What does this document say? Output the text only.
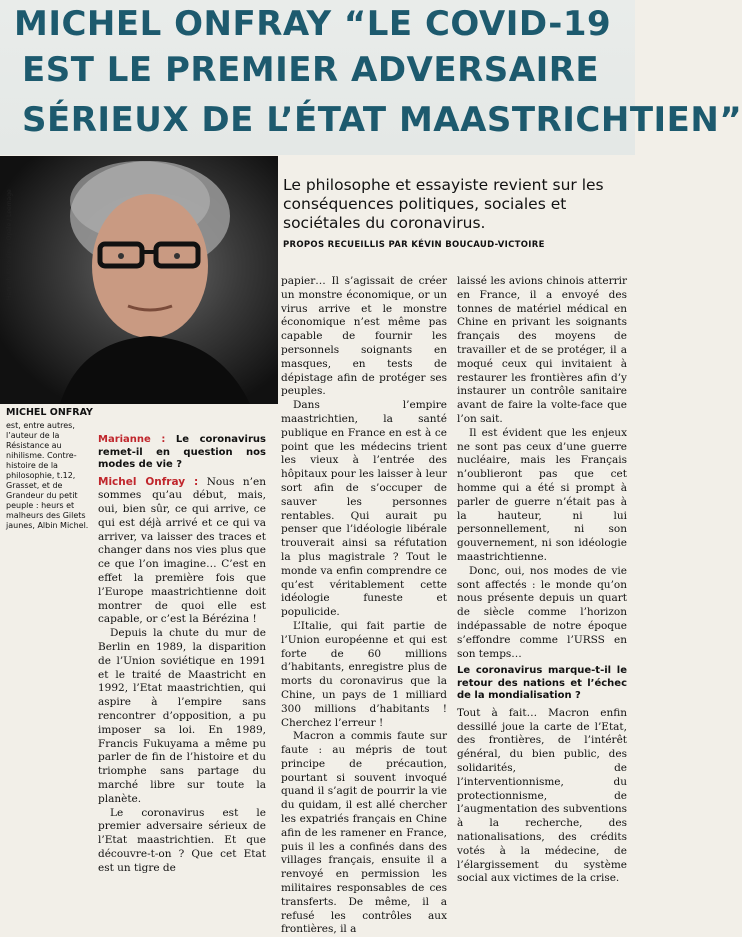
MICHEL ONFRAY “LE COVID-19
EST LE PREMIER ADVERSAIRE
SÉRIEUX DE L’ÉTAT MAASTRICHTIEN”
Hannah Assouline / Opale / Leemage
Le philosophe et essayiste revient sur les conséquences politiques, sociales et sociétales du coronavirus.
PROPOS RECUEILLIS PAR KÉVIN BOUCAUD-VICTOIRE
MICHEL ONFRAY
est, entre autres, l’auteur de la Résistance au nihilisme. Contre-histoire de la philosophie, t.12, Grasset, et de Grandeur du petit peuple : heurs et malheurs des Gilets jaunes, Albin Michel.
Marianne : Le coronavirus remet-il en question nos modes de vie ?

Michel Onfray : Nous n’en sommes qu’au début, mais, oui, bien sûr, ce qui arrive, ce qui est déjà arrivé et ce qui va arriver, va laisser des traces et changer dans nos vies plus que ce que l’on imagine… C’est en effet la première fois que l’Europe maastrichtienne doit montrer de quoi elle est capable, or c’est la Bérézina !

Depuis la chute du mur de Berlin en 1989, la disparition de l’Union soviétique en 1991 et le traité de Maastricht en 1992, l’Etat maastrichtien, qui aspire à l’empire sans rencontrer d’opposition, a pu imposer sa loi. En 1989, Francis Fukuyama a même pu parler de fin de l’histoire et du triomphe sans partage du marché libre sur toute la planète.

Le coronavirus est le premier adversaire sérieux de l’Etat maastrichtien. Et que découvre-t-on ? Que cet Etat est un tigre de

papier… Il s’agissait de créer un monstre économique, or un virus arrive et le monstre économique n’est même pas capable de fournir les personnels soignants en masques, en tests de dépistage afin de protéger ses peuples.

Dans l’empire maastrichtien, la santé publique en France en est à ce point que les médecins trient les vieux à l’entrée des hôpitaux pour les laisser à leur sort afin de s’occuper de sauver les personnes rentables. Qui aurait pu penser que l’idéologie libérale trouverait ainsi sa réfutation la plus magistrale ? Tout le monde va enfin comprendre ce qu’est véritablement cette idéologie funeste et populicide.

L’Italie, qui fait partie de l’Union européenne et qui est forte de 60 millions d’habitants, enregistre plus de morts du coronavirus que la Chine, un pays de 1 milliard 300 millions d’habitants ! Cherchez l’erreur !

Macron a commis faute sur faute : au mépris de tout principe de précaution, pourtant si souvent invoqué quand il s’agit de pourrir la vie du quidam, il est allé chercher les expatriés français en Chine afin de les ramener en France, puis il les a confinés dans des villages français, ensuite il a renvoyé en permission les militaires responsables de ces transferts. De même, il a refusé les contrôles aux frontières, il a

laissé les avions chinois atterrir en France, il a envoyé des tonnes de matériel médical en Chine en privant les soignants français des moyens de travailler et de se protéger, il a moqué ceux qui invitaient à restaurer les frontières afin d’y instaurer un contrôle sanitaire avant de faire la volte-face que l’on sait.

Il est évident que les enjeux ne sont pas ceux d’une guerre nucléaire, mais les Français n’oublieront pas que cet homme qui a été si prompt à parler de guerre n’était pas à la hauteur, ni lui personnellement, ni son gouvernement, ni son idéologie maastrichtienne.

Donc, oui, nos modes de vie sont affectés : le monde qu’on nous présente depuis un quart de siècle comme l’horizon indépassable de notre époque s’effondre comme l’URSS en son temps…

Le coronavirus marque-t-il le retour des nations et l’échec de la mondialisation ?

Tout à fait… Macron enfin dessillé joue la carte de l’Etat, des frontières, de l’intérêt général, du bien public, des solidarités, de l’interventionnisme, du protectionnisme, de l’augmentation des subventions à la recherche, des nationalisations, des crédits votés à la médecine, de l’élargissement du système social aux victimes de la crise.
